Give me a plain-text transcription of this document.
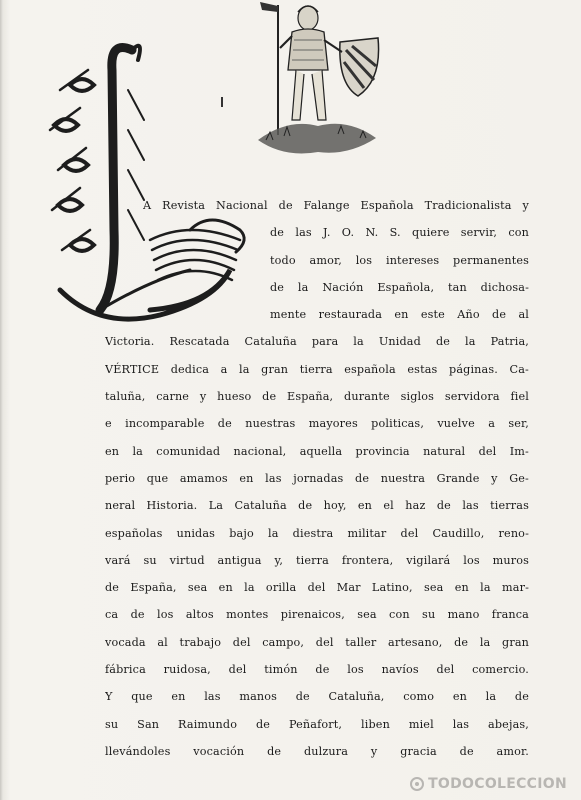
A Revista Nacional de Falange Española Tradicionalista y
de las J. O. N. S. quiere servir, con
todo amor, los intereses permanentes
de la Nación Española, tan dichosa-
mente restaurada en este Año de al
Victoria. Rescatada Cataluña para la Unidad de la Patria,
VÉRTICE dedica a la gran tierra española estas páginas. Ca-
taluña, carne y hueso de España, durante siglos servidora fiel
e incomparable de nuestras mayores politicas, vuelve a ser,
en la comunidad nacional, aquella provincia natural del Im-
perio que amamos en las jornadas de nuestra Grande y Ge-
neral Historia. La Cataluña de hoy, en el haz de las tierras
españolas unidas bajo la diestra militar del Caudillo, reno-
vará su virtud antigua y, tierra frontera, vigilará los muros
de España, sea en la orilla del Mar Latino, sea en la mar-
ca de los altos montes pirenaicos, sea con su mano franca
vocada al trabajo del campo, del taller artesano, de la gran
fábrica ruidosa, del timón de los navíos del comercio.
Y que en las manos de Cataluña, como en la de
su San Raimundo de Peñafort, liben miel las abejas,
llevándoles vocación de dulzura y gracia de amor.
TODOCOLECCION
